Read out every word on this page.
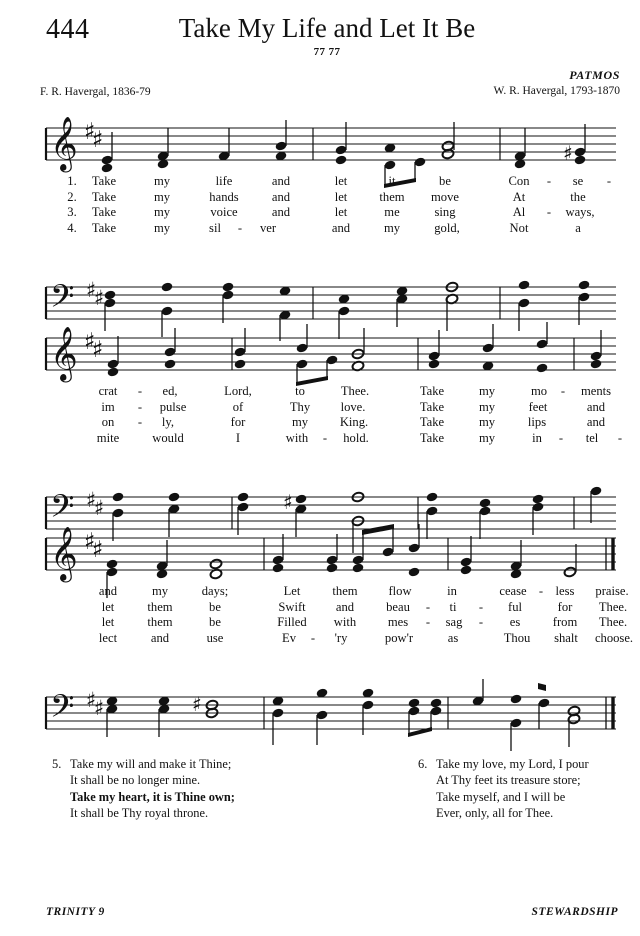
444	Take My Life and Let It Be
77 77
F. R. Havergal, 1836-79
PATMOS
W. R. Havergal, 1793-1870
𝄞 ♯
♯	♯
1. Take	my	life	and	let	it	be	Con - se -
2. Take	my	hands	and	let	them move	At	the
3. Take	my	voice	and	let	me	sing	Al - ways,
4. Take	my	sil - ver	and	my	gold,	Not	a
𝄢 ♯
♯
𝄞 ♯
♯
crat - ed,	Lord,	to	Thee.	Take	my	mo - ments
im - pulse	of	Thy love.	Take	my	feet	and
on - ly,	for	my	King.	Take	my	lips	and
mite	would	I	with - hold.	Take	my	in - tel -
𝄢 ♯
♯	♯
𝄞 ♯
♯
and	my	days;	Let	them flow	in	cease - less praise.
let	them	be	Swift and	beau - ti - ful	for Thee.
let	them	be	Filled with	mes - sag - es	from Thee.
lect	and	use	Ev - 'ry	pow'r	as	Thou shalt choose.
𝄢 ♯
♯	♯
5. Take my will and make it Thine;
It shall be no longer mine.
Take my heart, it is Thine own;
It shall be Thy royal throne.
6. Take my love, my Lord, I pour
At Thy feet its treasure store;
Take myself, and I will be
Ever, only, all for Thee.
TRINITY 9	STEWARDSHIP
